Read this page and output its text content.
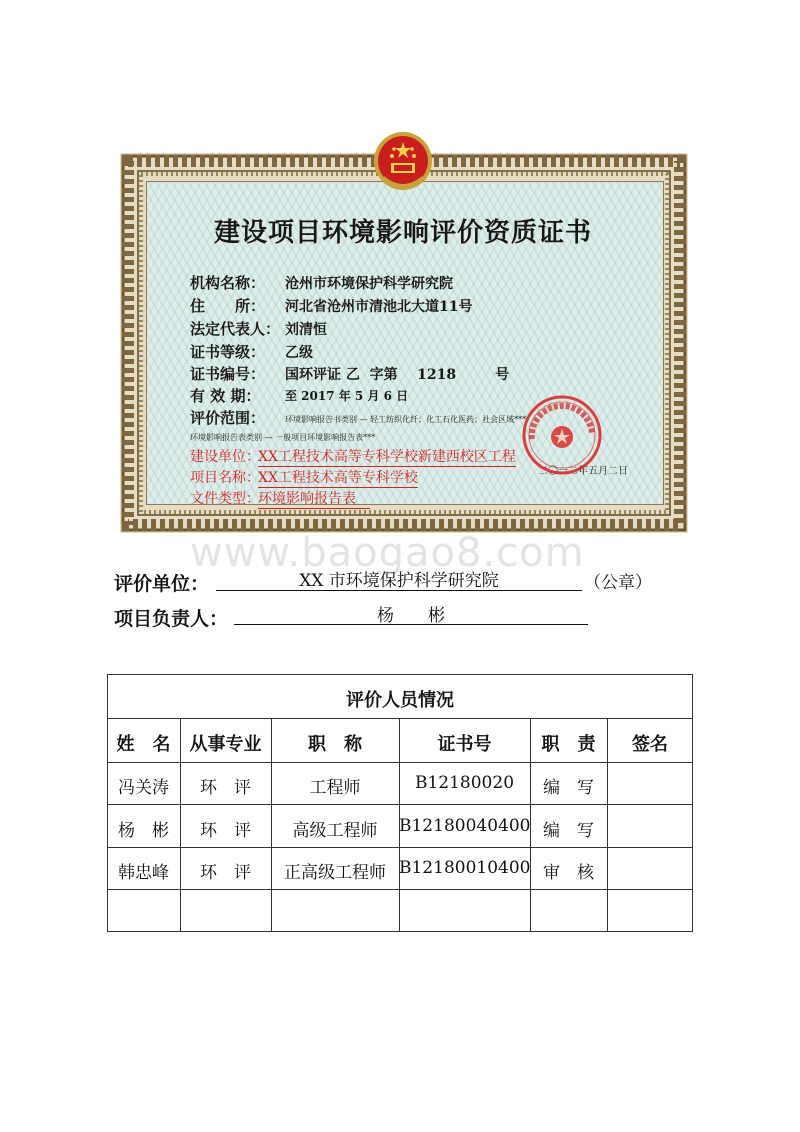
建设项目环境影响评价资质证书
机构名称： 沧州市环境保护科学研究院
住　　所： 河北省沧州市清池北大道11号
法定代表人： 刘清恒
证书等级： 乙级
证书编号： 国环评证 乙  字第    1218        号
有 效 期： 至 2017 年 5 月 6 日
评价范围： 环境影响报告书类别 — 轻工纺织化纤；化工石化医药；社会区域***
环境影响报告表类别 — 一般项目环境影响报告表***
建设单位：
XX工程技术高等专科学校新建西校区工程
项目名称：
XX工程技术高等专科学校
文件类型：
环境影响报告表
二〇一二年五月二日
www.baogao8.com
评价单位：	XX 市环境保护科学研究院	（公章）
项目负责人：	杨　　彬
评价人员情况
姓　名	从事专业	职　称	证书号	职　责	签名
冯关涛	环　评	工程师	B12180020	编　写
杨　彬	环　评	高级工程师	B12180040400 编　写
韩忠峰	环　评	正高级工程师 B12180010400 审　核
